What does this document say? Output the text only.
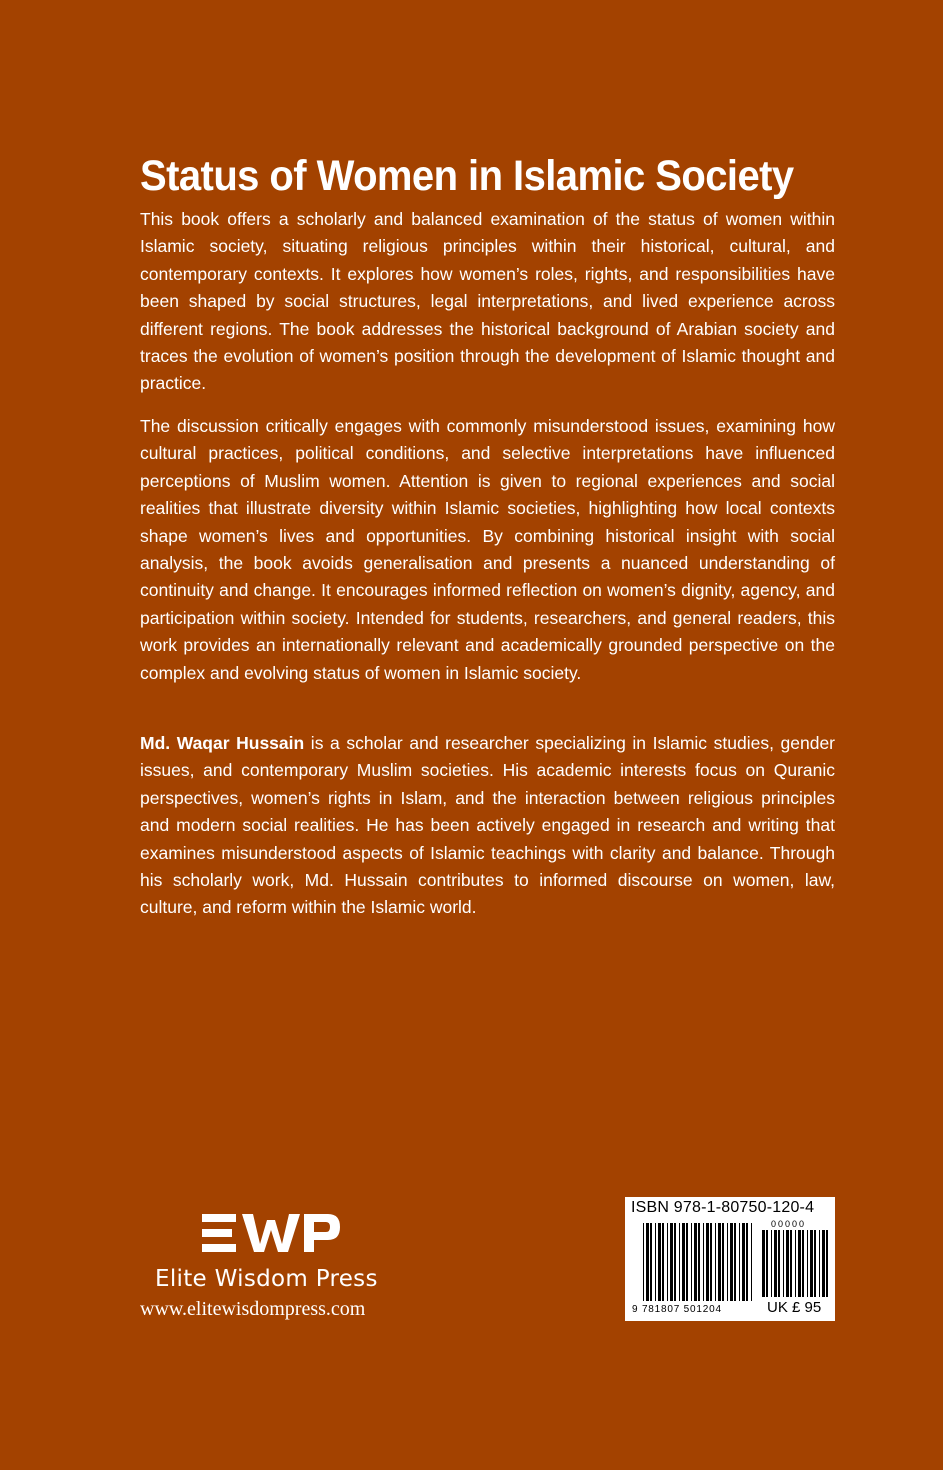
Status of Women in Islamic Society

This book offers a scholarly and balanced examination of the status of women within Islamic society, situating religious principles within their historical, cultural, and contemporary contexts. It explores how women’s roles, rights, and responsibilities have been shaped by social structures, legal interpretations, and lived experience across different regions. The book addresses the historical background of Arabian society and traces the evolution of women’s position through the development of Islamic thought and practice.

The discussion critically engages with commonly misunderstood issues, examining how cultural practices, political conditions, and selective interpretations have influenced perceptions of Muslim women. Attention is given to regional experiences and social realities that illustrate diversity within Islamic societies, highlighting how local contexts shape women’s lives and opportunities. By combining historical insight with social analysis, the book avoids generalisation and presents a nuanced understanding of continuity and change. It encourages informed reflection on women’s dignity, agency, and participation within society. Intended for students, researchers, and general readers, this work provides an internationally relevant and academically grounded perspective on the complex and evolving status of women in Islamic society.

Md. Waqar Hussain is a scholar and researcher specializing in Islamic studies, gender issues, and contemporary Muslim societies. His academic interests focus on Quranic perspectives, women’s rights in Islam, and the interaction between religious principles and modern social realities. He has been actively engaged in research and writing that examines misunderstood aspects of Islamic teachings with clarity and balance. Through his scholarly work, Md. Hussain contributes to informed discourse on women, law, culture, and reform within the Islamic world.

Elite Wisdom Press
www.elitewisdompress.com
ISBN 978-1-80750-120-4
00000
9 781807 501204	UK £ 95
